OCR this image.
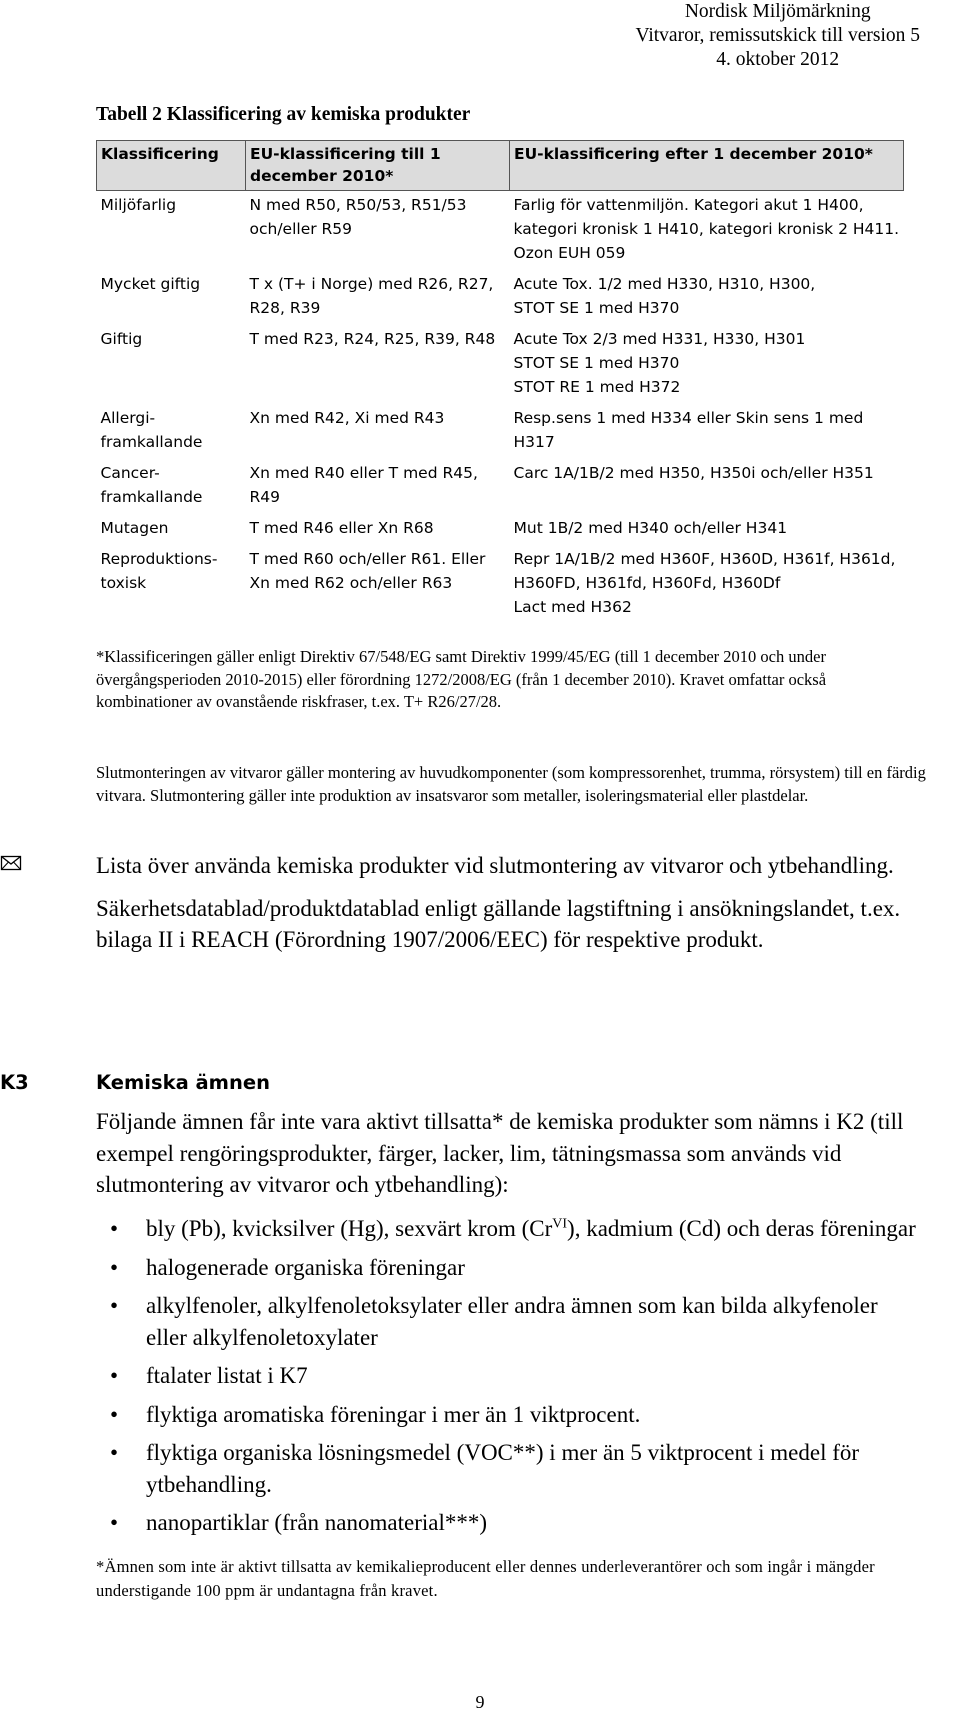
Nordisk Miljömärkning
Vitvaror, remissutskick till version 5
4. oktober 2012
Tabell 2 Klassificering av kemiska produkter
Klassificering	EU-klassificering till 1 december 2010*	EU-klassificering efter 1 december 2010*
Miljöfarlig	N med R50, R50/53, R51/53 och/eller R59	Farlig för vattenmiljön. Kategori akut 1 H400, kategori kronisk 1 H410, kategori kronisk 2 H411. Ozon EUH 059

Mycket giftig	T x (T+ i Norge) med R26, R27, R28, R39	Acute Tox. 1/2 med H330, H310, H300,
STOT SE 1 med H370

Giftig	T med R23, R24, R25, R39, R48	Acute Tox 2/3 med H331, H330, H301
STOT SE 1 med H370
STOT RE 1 med H372

Allergi-framkallande	Xn med R42, Xi med R43	Resp.sens 1 med H334 eller Skin sens 1 med H317

Cancer-framkallande	Xn med R40 eller T med R45, R49	Carc 1A/1B/2 med H350, H350i och/eller H351

Mutagen	T med R46 eller Xn R68	Mut 1B/2 med H340 och/eller H341

Reproduktions-toxisk	T med R60 och/eller R61. Eller Xn med R62 och/eller R63	Repr 1A/1B/2 med H360F, H360D, H361f, H361d, H360FD, H361fd, H360Fd, H360Df
Lact med H362
*Klassificeringen gäller enligt Direktiv 67/548/EG samt Direktiv 1999/45/EG (till 1 december 2010 och under övergångsperioden 2010-2015) eller förordning 1272/2008/EG (från 1 december 2010). Kravet omfattar också kombinationer av ovanstående riskfraser, t.ex. T+ R26/27/28.
Slutmonteringen av vitvaror gäller montering av huvudkomponenter (som kompressorenhet, trumma, rörsystem) till en färdig vitvara. Slutmontering gäller inte produktion av insatsvaror som metaller, isoleringsmaterial eller plastdelar.

Lista över använda kemiska produkter vid slutmontering av vitvaror och ytbehandling.

Säkerhetsdatablad/produktdatablad enligt gällande lagstiftning i ansökningslandet, t.ex. bilaga II i REACH (Förordning 1907/2006/EEC) för respektive produkt.

K3	Kemiska ämnen
Följande ämnen får inte vara aktivt tillsatta* de kemiska produkter som nämns i K2 (till exempel rengöringsprodukter, färger, lacker, lim, tätningsmassa som används vid slutmontering av vitvaror och ytbehandling):
• bly (Pb), kvicksilver (Hg), sexvärt krom $(Cr^{VI})$, kadmium (Cd) och deras föreningar
• halogenerade organiska föreningar
• alkylfenoler, alkylfenoletoksylater eller andra ämnen som kan bilda alkyfenoler eller alkylfenoletoxylater
• ftalater listat i K7
• flyktiga aromatiska föreningar i mer än 1 viktprocent.
• flyktiga organiska lösningsmedel (VOC**) i mer än 5 viktprocent i medel för ytbehandling.
• nanopartiklar (från nanomaterial***)
*Ämnen som inte är aktivt tillsatta av kemikalieproducent eller dennes underleverantörer och som ingår i mängder understigande 100 ppm är undantagna från kravet.
9
